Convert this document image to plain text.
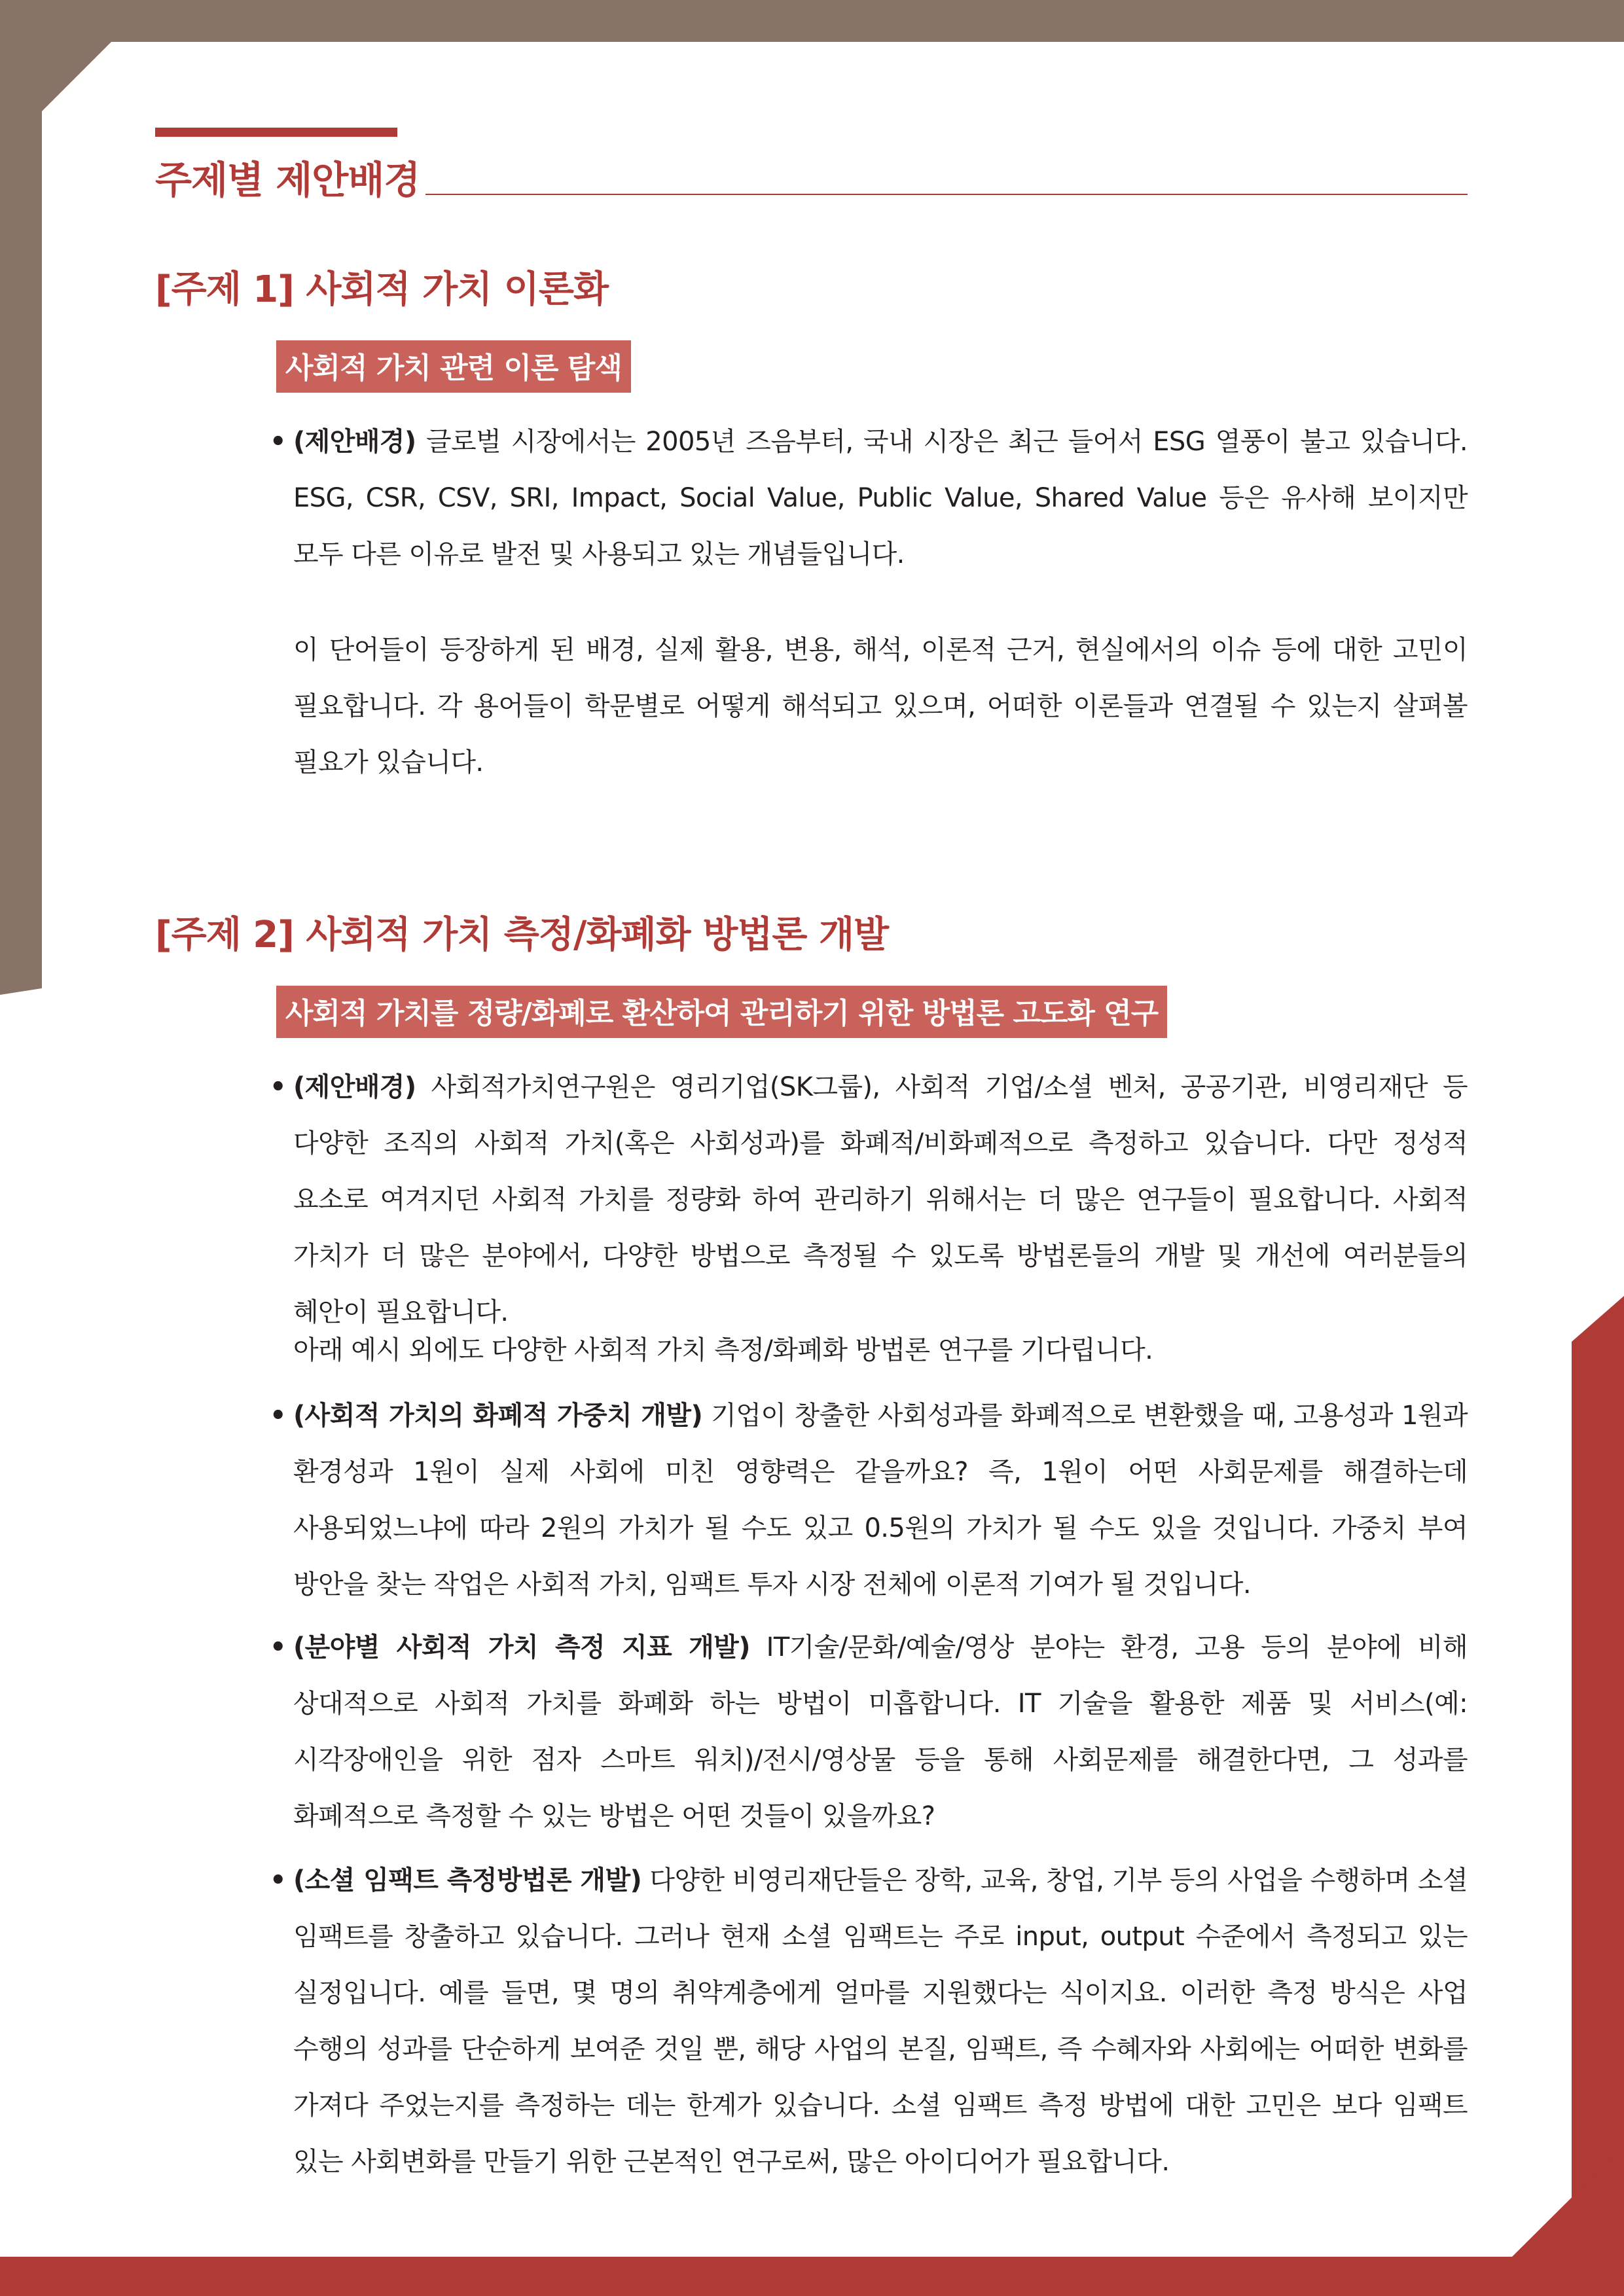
주제별 제안배경
[주제 1] 사회적 가치 이론화
사회적 가치 관련 이론 탐색
• (제안배경) 글로벌 시장에서는 2005년 즈음부터, 국내 시장은 최근 들어서 ESG 열풍이 불고 있습니다. ESG, CSR, CSV, SRI, Impact, Social Value, Public Value, Shared Value 등은 유사해 보이지만 모두 다른 이유로 발전 및 사용되고 있는 개념들입니다.
이 단어들이 등장하게 된 배경, 실제 활용, 변용, 해석, 이론적 근거, 현실에서의 이슈 등에 대한 고민이 필요합니다. 각 용어들이 학문별로 어떻게 해석되고 있으며, 어떠한 이론들과 연결될 수 있는지 살펴볼 필요가 있습니다.
[주제 2] 사회적 가치 측정/화폐화 방법론 개발
사회적 가치를 정량/화폐로 환산하여 관리하기 위한 방법론 고도화 연구
• (제안배경) 사회적가치연구원은 영리기업(SK그룹), 사회적 기업/소셜 벤처, 공공기관, 비영리재단 등 다양한 조직의 사회적 가치(혹은 사회성과)를 화폐적/비화폐적으로 측정하고 있습니다. 다만 정성적 요소로 여겨지던 사회적 가치를 정량화 하여 관리하기 위해서는 더 많은 연구들이 필요합니다. 사회적 가치가 더 많은 분야에서, 다양한 방법으로 측정될 수 있도록 방법론들의 개발 및 개선에 여러분들의 혜안이 필요합니다.
아래 예시 외에도 다양한 사회적 가치 측정/화폐화 방법론 연구를 기다립니다.
• (사회적 가치의 화폐적 가중치 개발) 기업이 창출한 사회성과를 화폐적으로 변환했을 때, 고용성과 1원과 환경성과 1원이 실제 사회에 미친 영향력은 같을까요? 즉, 1원이 어떤 사회문제를 해결하는데 사용되었느냐에 따라 2원의 가치가 될 수도 있고 0.5원의 가치가 될 수도 있을 것입니다. 가중치 부여 방안을 찾는 작업은 사회적 가치, 임팩트 투자 시장 전체에 이론적 기여가 될 것입니다.
• (분야별 사회적 가치 측정 지표 개발) IT기술/문화/예술/영상 분야는 환경, 고용 등의 분야에 비해 상대적으로 사회적 가치를 화폐화 하는 방법이 미흡합니다. IT 기술을 활용한 제품 및 서비스(예: 시각장애인을 위한 점자 스마트 워치)/전시/영상물 등을 통해 사회문제를 해결한다면, 그 성과를 화폐적으로 측정할 수 있는 방법은 어떤 것들이 있을까요?
• (소셜 임팩트 측정방법론 개발) 다양한 비영리재단들은 장학, 교육, 창업, 기부 등의 사업을 수행하며 소셜 임팩트를 창출하고 있습니다. 그러나 현재 소셜 임팩트는 주로 input, output 수준에서 측정되고 있는 실정입니다. 예를 들면, 몇 명의 취약계층에게 얼마를 지원했다는 식이지요. 이러한 측정 방식은 사업 수행의 성과를 단순하게 보여준 것일 뿐, 해당 사업의 본질, 임팩트, 즉 수혜자와 사회에는 어떠한 변화를 가져다 주었는지를 측정하는 데는 한계가 있습니다. 소셜 임팩트 측정 방법에 대한 고민은 보다 임팩트 있는 사회변화를 만들기 위한 근본적인 연구로써, 많은 아이디어가 필요합니다.
